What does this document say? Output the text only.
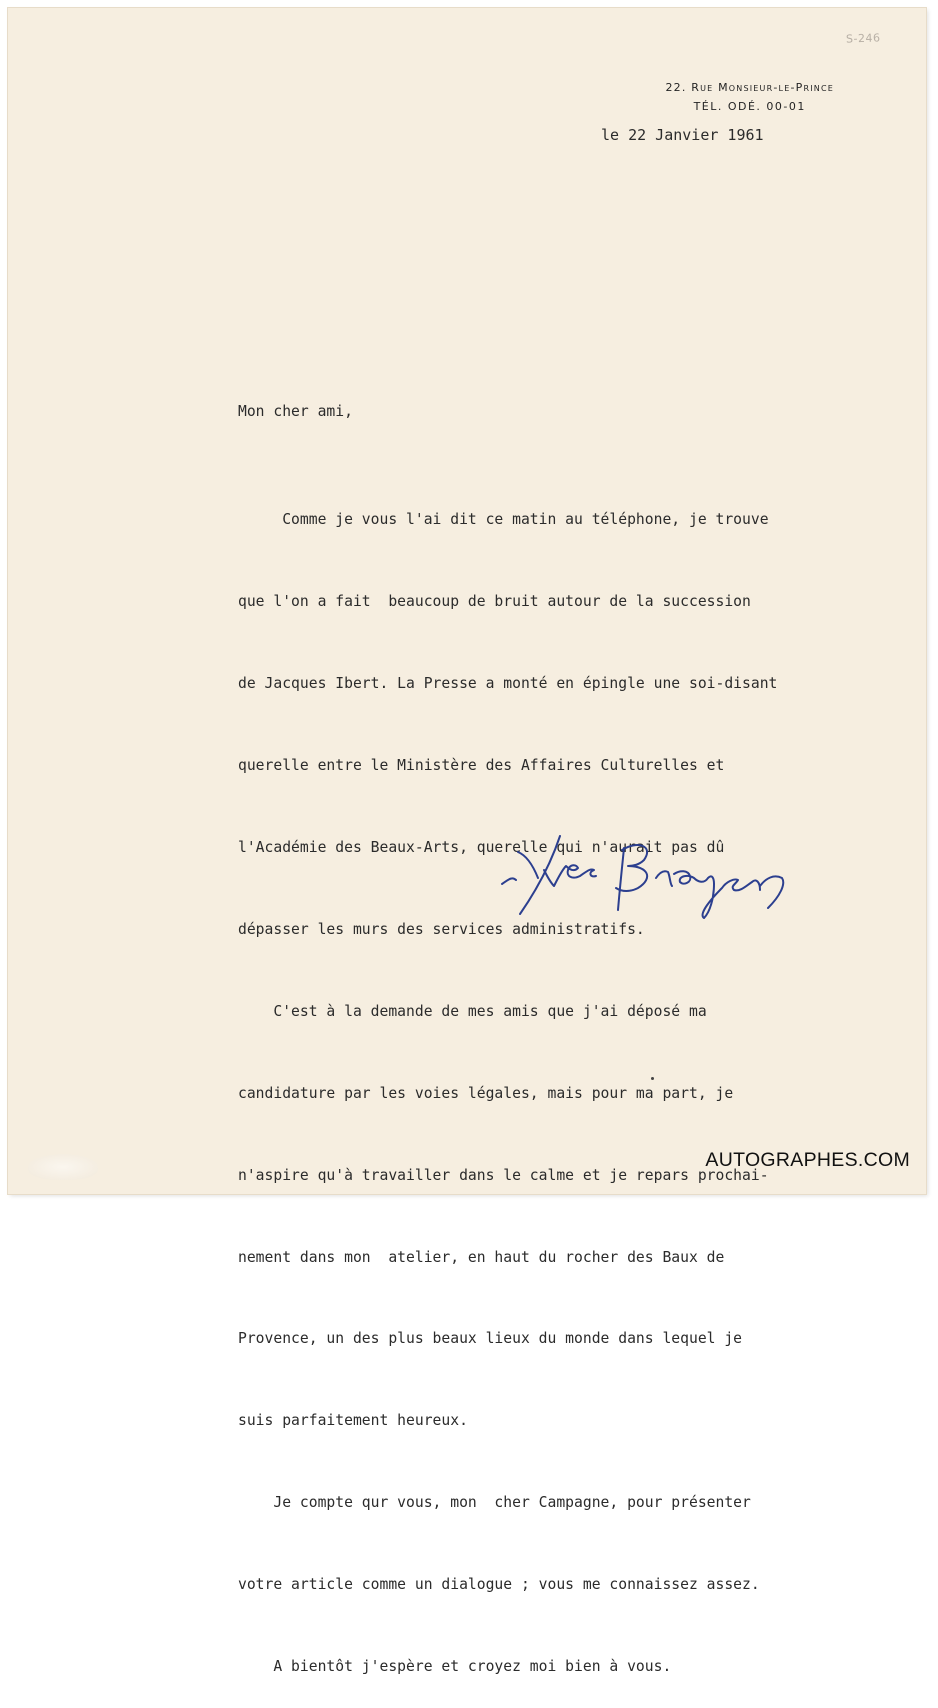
S-246
22. Rue Monsieur-le-Prince
TÉL. ODÉ. 00-01
le 22 Janvier 1961

Mon cher ami,

Comme je vous l'ai dit ce matin au téléphone, je trouve

que l'on a fait  beaucoup de bruit autour de la succession

de Jacques Ibert. La Presse a monté en épingle une soi-disant

querelle entre le Ministère des Affaires Culturelles et

l'Académie des Beaux-Arts, querelle qui n'aurait pas dû

dépasser les murs des services administratifs.

C'est à la demande de mes amis que j'ai déposé ma

candidature par les voies légales, mais pour ma part, je

n'aspire qu'à travailler dans le calme et je repars prochai-

nement dans mon  atelier, en haut du rocher des Baux de

Provence, un des plus beaux lieux du monde dans lequel je

suis parfaitement heureux.

Je compte qur vous, mon  cher Campagne, pour présenter

votre article comme un dialogue ; vous me connaissez assez.

A bientôt j'espère et croyez moi bien à vous.

AUTOGRAPHES.COM
